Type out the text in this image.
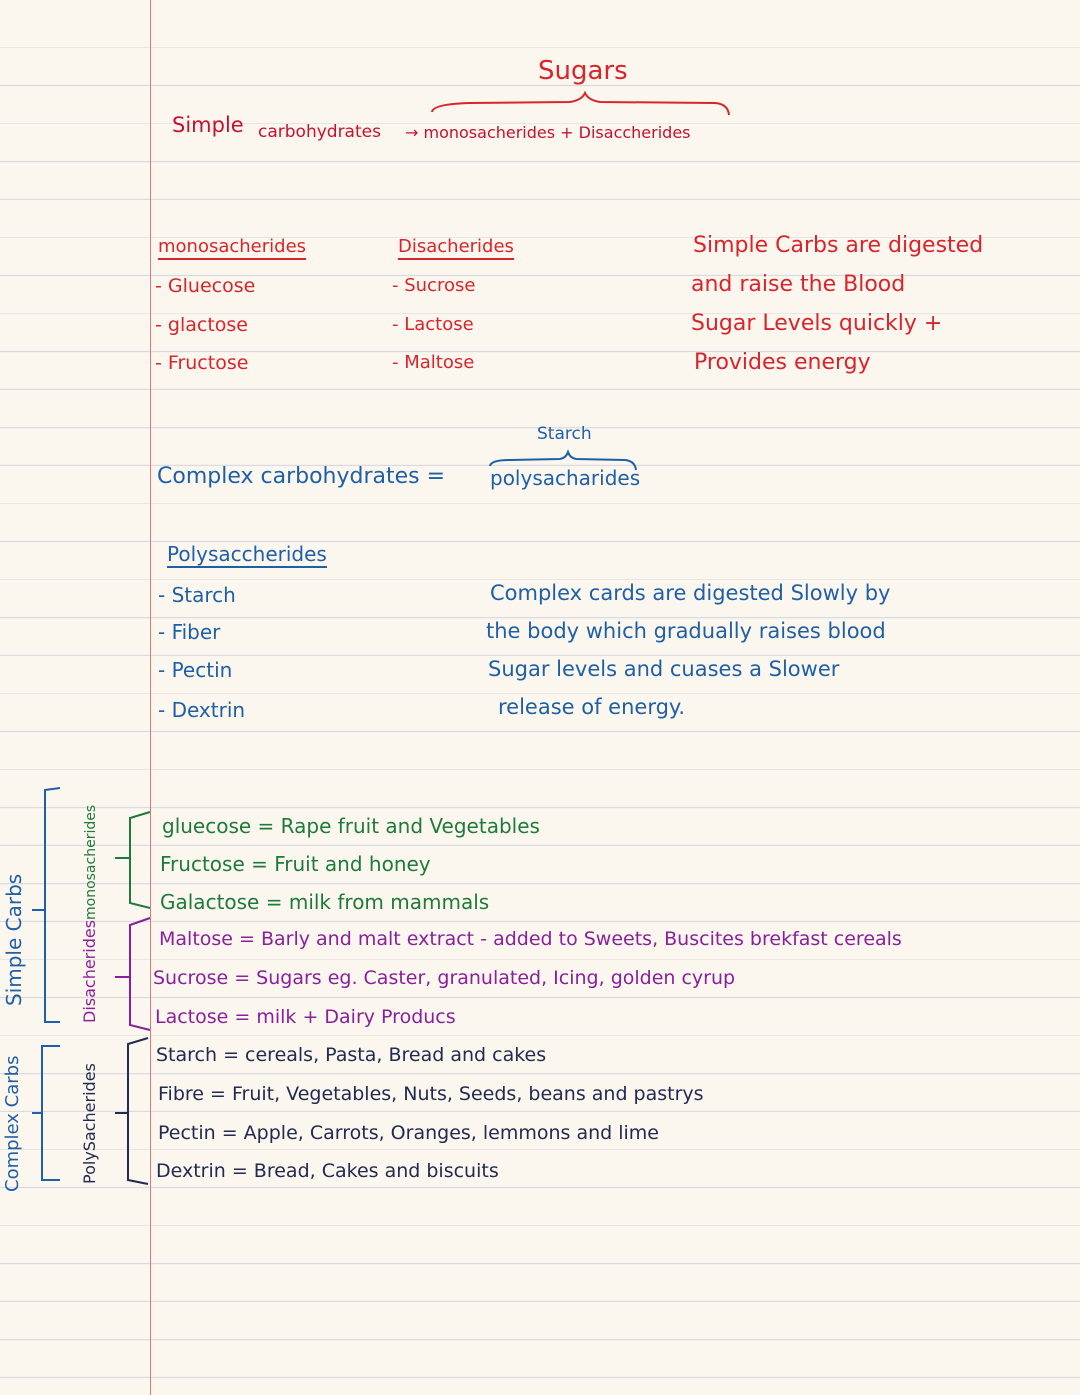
Sugars
Simple carbohydrates → monosacherides + Disaccherides
monosacherides
- Gluecose
- glactose
- Fructose
Disacherides
- Sucrose
- Lactose
- Maltose
Simple Carbs are digested
and raise the Blood
Sugar Levels quickly +
Provides energy
Starch
Complex carbohydrates = polysacharides
Polysaccherides
- Starch
- Fiber
- Pectin
- Dextrin
Complex cards are digested Slowly by
the body which gradually raises blood
Sugar levels and cuases a Slower
release of energy.
gluecose = Rape fruit and Vegetables
Fructose = Fruit and honey
Galactose = milk from mammals
Maltose = Barly and malt extract - added to Sweets, Buscites brekfast cereals
Sucrose = Sugars eg. Caster, granulated, Icing, golden cyrup
Lactose = milk + Dairy Producs
Starch = cereals, Pasta, Bread and cakes
Fibre = Fruit, Vegetables, Nuts, Seeds, beans and pastrys
Pectin = Apple, Carrots, Oranges, lemmons and lime
Dextrin = Bread, Cakes and biscuits
Simple Carbs
Complex Carbs
monosacherides
Disacherides
PolySacherides
